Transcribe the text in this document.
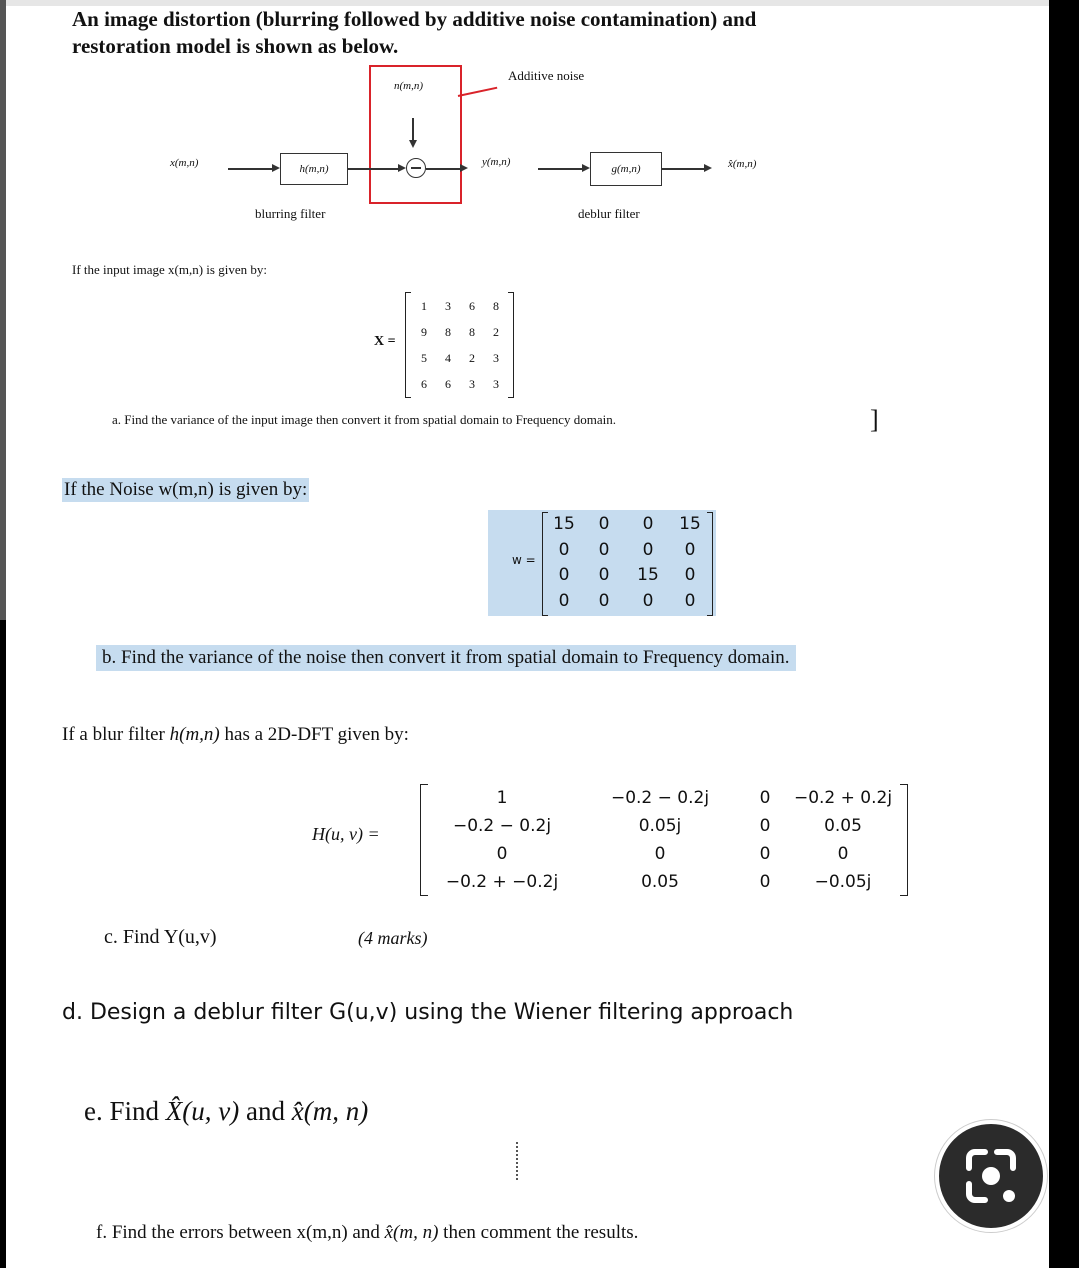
An image distortion (blurring followed by additive noise contamination) and
restoration model is shown as below.
Additive noise
n(m,n)
x(m,n)	h(m,n)
y(m,n)
g(m,n)	x̂(m,n)
blurring filter	deblur filter
If the input image x(m,n) is given by:
X =
1	3	6	8
9	8	8	2
5	4	2	3
6	6	3	3
a. Find the variance of the input image then convert it from spatial domain to Frequency domain.	]
If the Noise w(m,n) is given by:
w =
15	0	0	15
0	0	0	0
0	0	15	0
0	0	0	0
b. Find the variance of the noise then convert it from spatial domain to Frequency domain.
If a blur filter h(m,n) has a 2D-DFT given by:
H(u, v) =
1	−0.2 − 0.2j	0	−0.2 + 0.2j
−0.2 − 0.2j	0.05j	0	0.05
0	0	0	0
−0.2 + −0.2j	0.05	0	−0.05j
c. Find Y(u,v)	(4 marks)
d. Design a deblur filter G(u,v) using the Wiener filtering approach
e. Find X̂(u, v) and x̂(m, n)
f. Find the errors between x(m,n) and x̂(m, n) then comment the results.
